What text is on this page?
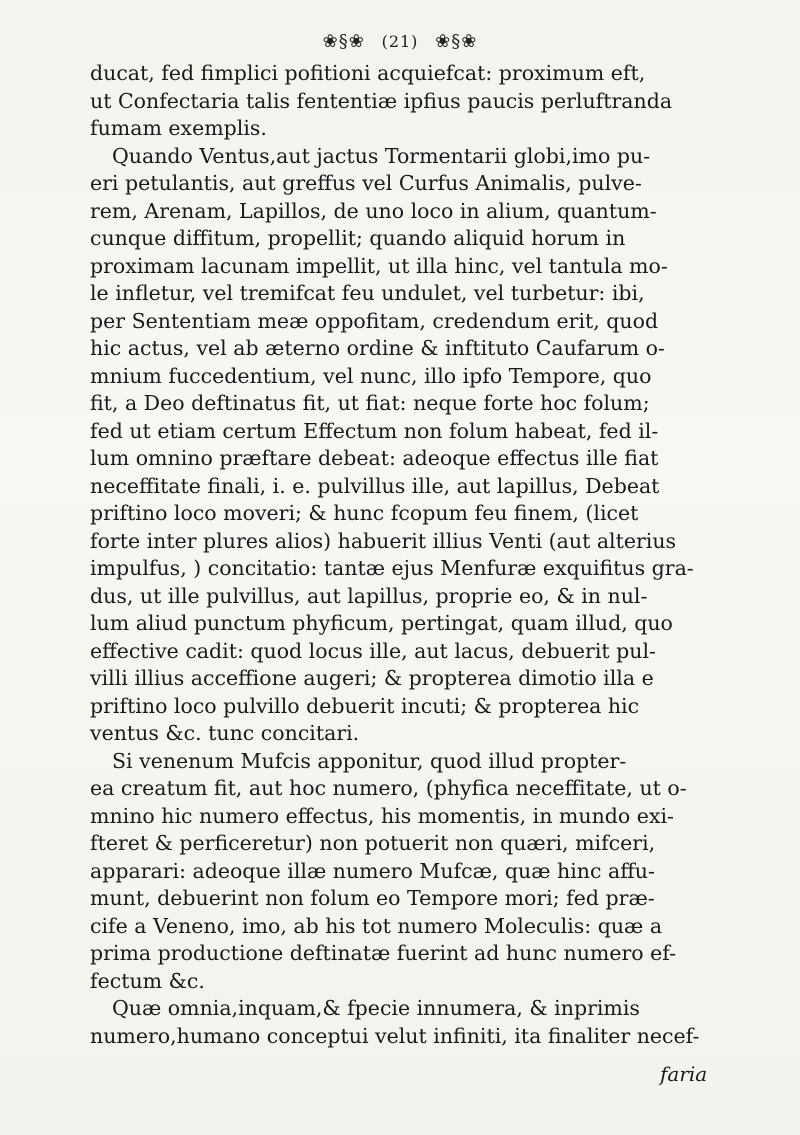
❀§❀ (21) ❀§❀
ducat, fed fimplici pofitioni acquiefcat: proximum eft,
ut Confectaria talis fententiæ ipfius paucis perluftranda
fumam exemplis.
Quando Ventus,aut jactus Tormentarii globi,imo pu-
eri petulantis, aut greffus vel Curfus Animalis, pulve-
rem, Arenam, Lapillos, de uno loco in alium, quantum-
cunque diffitum, propellit; quando aliquid horum in
proximam lacunam impellit, ut illa hinc, vel tantula mo-
le infletur, vel tremifcat feu undulet, vel turbetur: ibi,
per Sententiam meæ oppofitam, credendum erit, quod
hic actus, vel ab æterno ordine & inftituto Caufarum o-
mnium fuccedentium, vel nunc, illo ipfo Tempore, quo
fit, a Deo deftinatus fit, ut fiat: neque forte hoc folum;
fed ut etiam certum Effectum non folum habeat, fed il-
lum omnino præftare debeat: adeoque effectus ille fiat
neceffitate finali, i. e. pulvillus ille, aut lapillus, Debeat
priftino loco moveri; & hunc fcopum feu finem, (licet
forte inter plures alios) habuerit illius Venti (aut alterius
impulfus, ) concitatio: tantæ ejus Menfuræ exquifitus gra-
dus, ut ille pulvillus, aut lapillus, proprie eo, & in nul-
lum aliud punctum phyficum, pertingat, quam illud, quo
effective cadit: quod locus ille, aut lacus, debuerit pul-
villi illius acceffione augeri; & propterea dimotio illa e
priftino loco pulvillo debuerit incuti; & propterea hic
ventus &c. tunc concitari.
Si venenum Mufcis apponitur, quod illud propter-
ea creatum fit, aut hoc numero, (phyfica neceffitate, ut o-
mnino hic numero effectus, his momentis, in mundo exi-
fteret & perficeretur) non potuerit non quæri, mifceri,
apparari: adeoque illæ numero Mufcæ, quæ hinc affu-
munt, debuerint non folum eo Tempore mori; fed præ-
cife a Veneno, imo, ab his tot numero Moleculis: quæ a
prima productione deftinatæ fuerint ad hunc numero ef-
fectum &c.
Quæ omnia,inquam,& fpecie innumera, & inprimis
numero,humano conceptui velut infiniti, ita finaliter necef-
faria
